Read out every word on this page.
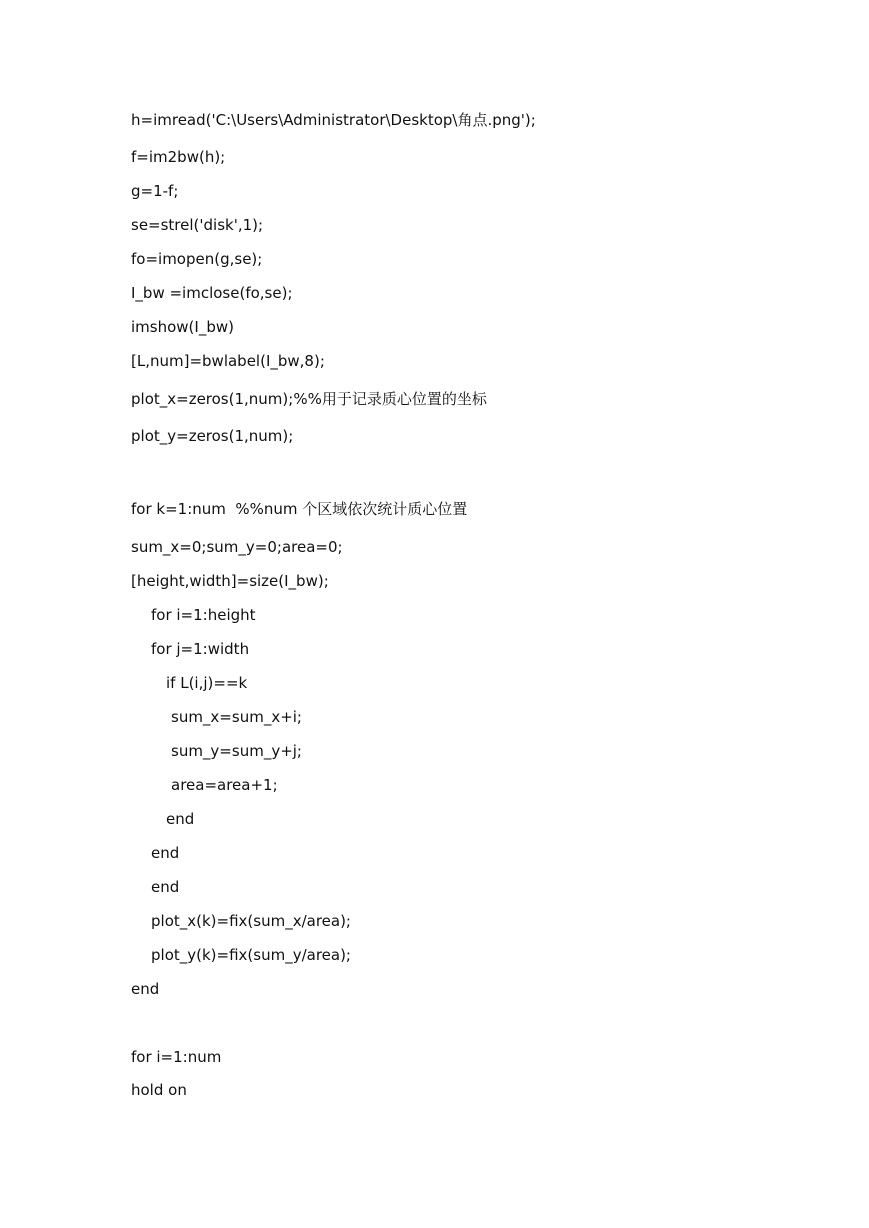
h=imread('C:\Users\Administrator\Desktop\角点.png');

f=im2bw(h);

g=1-f;

se=strel('disk',1);

fo=imopen(g,se);

I_bw =imclose(fo,se);

imshow(I_bw)

[L,num]=bwlabel(I_bw,8);

plot_x=zeros(1,num);%%用于记录质心位置的坐标

plot_y=zeros(1,num);

for k=1:num  %%num 个区域依次统计质心位置

sum_x=0;sum_y=0;area=0;

[height,width]=size(I_bw);

for i=1:height

for j=1:width

if L(i,j)==k

sum_x=sum_x+i;

sum_y=sum_y+j;

area=area+1;

end

end

end

plot_x(k)=fix(sum_x/area);

plot_y(k)=fix(sum_y/area);

end

for i=1:num

hold on
